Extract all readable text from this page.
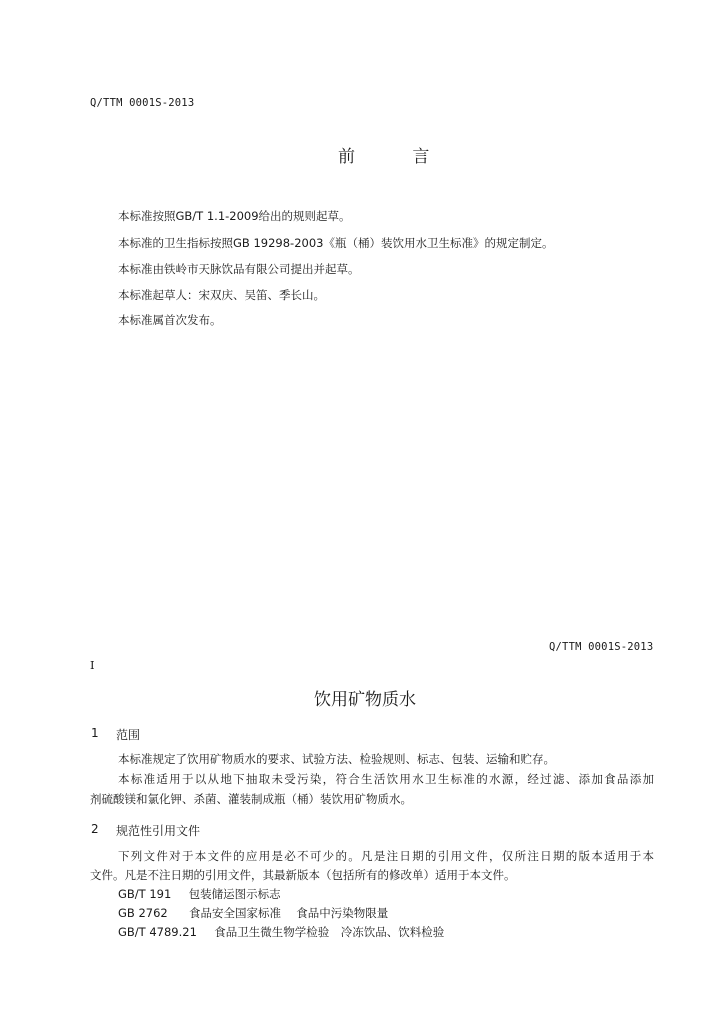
Q/TTM 0001S-2013
前 言
本标准按照GB/T 1.1-2009给出的规则起草。
本标准的卫生指标按照GB 19298-2003《瓶（桶）装饮用水卫生标准》的规定制定。
本标准由铁岭市天脉饮品有限公司提出并起草。
本标准起草人：宋双庆、吴笛、季长山。
本标准属首次发布。
Q/TTM 0001S-2013
I
饮用矿物质水
1 范围
本标准规定了饮用矿物质水的要求、试验方法、检验规则、标志、包装、运输和贮存。
本标准适用于以从地下抽取未受污染，符合生活饮用水卫生标准的水源，经过滤、添加食品添加
剂硫酸镁和氯化钾、杀菌、灌装制成瓶（桶）装饮用矿物质水。
2 规范性引用文件
下列文件对于本文件的应用是必不可少的。凡是注日期的引用文件，仅所注日期的版本适用于本
文件。凡是不注日期的引用文件，其最新版本（包括所有的修改单）适用于本文件。
GB/T 191 包装储运图示标志
GB 2762 食品安全国家标准　 食品中污染物限量
GB/T 4789.21 食品卫生微生物学检验　冷冻饮品、饮料检验
